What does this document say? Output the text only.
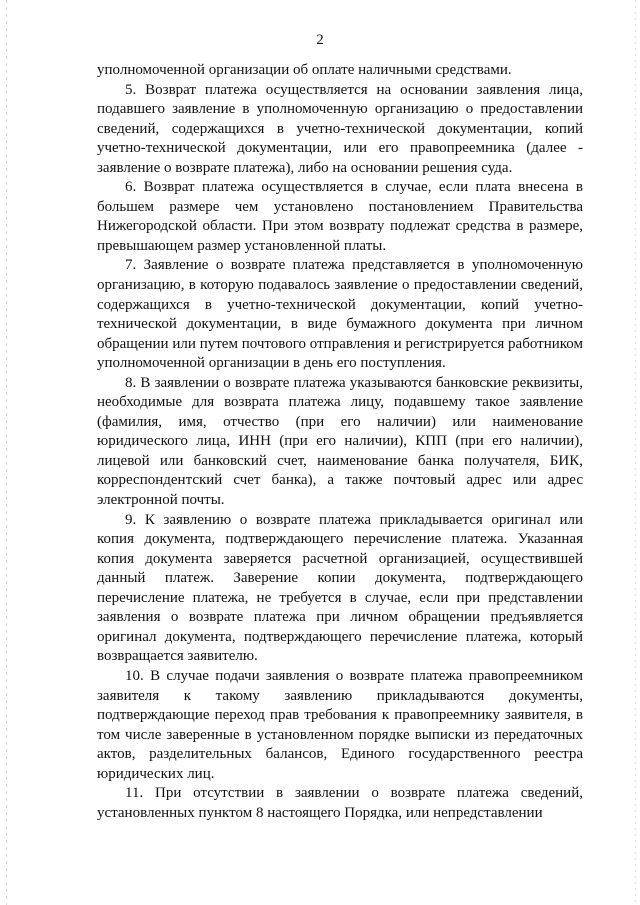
2

уполномоченной организации об оплате наличными средствами.

5. Возврат платежа осуществляется на основании заявления лица, подавшего заявление в уполномоченную организацию о предоставлении сведений, содержащихся в учетно-технической документации, копий учетно-технической документации, или его правопреемника (далее - заявление о возврате платежа), либо на основании решения суда.

6. Возврат платежа осуществляется в случае, если плата внесена в большем размере чем установлено постановлением Правительства Нижегородской области. При этом возврату подлежат средства в размере, превышающем размер установленной платы.

7. Заявление о возврате платежа представляется в уполномоченную организацию, в которую подавалось заявление о предоставлении сведений, содержащихся в учетно-технической документации, копий учетно-технической документации, в виде бумажного документа при личном обращении или путем почтового отправления и регистрируется работником уполномоченной организации в день его поступления.

8. В заявлении о возврате платежа указываются банковские реквизиты, необходимые для возврата платежа лицу, подавшему такое заявление (фамилия, имя, отчество (при его наличии) или наименование юридического лица, ИНН (при его наличии), КПП (при его наличии), лицевой или банковский счет, наименование банка получателя, БИК, корреспондентский счет банка), а также почтовый адрес или адрес электронной почты.

9. К заявлению о возврате платежа прикладывается оригинал или копия документа, подтверждающего перечисление платежа. Указанная копия документа заверяется расчетной организацией, осуществившей данный платеж. Заверение копии документа, подтверждающего перечисление платежа, не требуется в случае, если при представлении заявления о возврате платежа при личном обращении предъявляется оригинал документа, подтверждающего перечисление платежа, который возвращается заявителю.

10. В случае подачи заявления о возврате платежа правопреемником заявителя к такому заявлению прикладываются документы, подтверждающие переход прав требования к правопреемнику заявителя, в том числе заверенные в установленном порядке выписки из передаточных актов, разделительных балансов, Единого государственного реестра юридических лиц.

11. При отсутствии в заявлении о возврате платежа сведений, установленных пунктом 8 настоящего Порядка, или непредставлении
